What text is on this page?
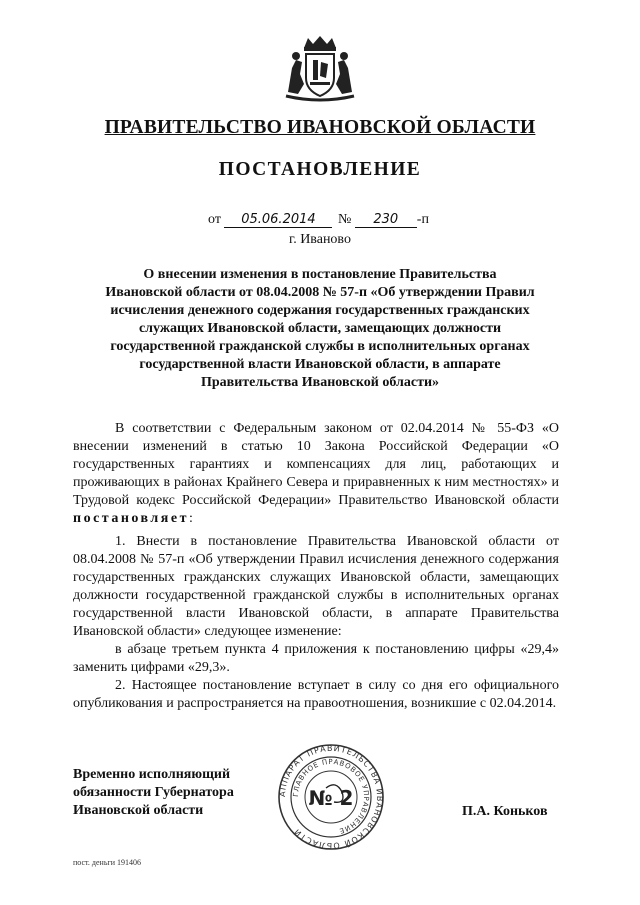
ПРАВИТЕЛЬСТВО ИВАНОВСКОЙ ОБЛАСТИ
ПОСТАНОВЛЕНИЕ
от 05.06.2014 № 230 -п
г. Иваново
О внесении изменения в постановление Правительства
Ивановской области от 08.04.2008 № 57-п «Об утверждении Правил
исчисления денежного содержания государственных гражданских
служащих Ивановской области, замещающих должности
государственной гражданской службы в исполнительных органах
государственной власти Ивановской области, в аппарате
Правительства Ивановской области»

В соответствии с Федеральным законом от 02.04.2014 № 55-ФЗ «О внесении изменений в статью 10 Закона Российской Федерации «О государственных гарантиях и компенсациях для лиц, работающих и проживающих в районах Крайнего Севера и приравненных к ним местностях» и Трудовой кодекс Российской Федерации» Правительство Ивановской области постановляет:

1. Внести в постановление Правительства Ивановской области от 08.04.2008 № 57-п «Об утверждении Правил исчисления денежного содержания государственных гражданских служащих Ивановской области, замещающих должности государственной гражданской службы в исполнительных органах государственной власти Ивановской области, в аппарате Правительства Ивановской области» следующее изменение:

в абзаце третьем пункта 4 приложения к постановлению цифры «29,4» заменить цифрами «29,3».

2. Настоящее постановление вступает в силу со дня его официального опубликования и распространяется на правоотношения, возникшие с 02.04.2014.

Временно исполняющий
обязанности Губернатора
Ивановской области
АППАРАТ ПРАВИТЕЛЬСТВА ИВАНОВСКОЙ ОБЛАСТИ
ГЛАВНОЕ ПРАВОВОЕ УПРАВЛЕНИЕ
№ 2
П.А. Коньков
пост. деньги 191406
